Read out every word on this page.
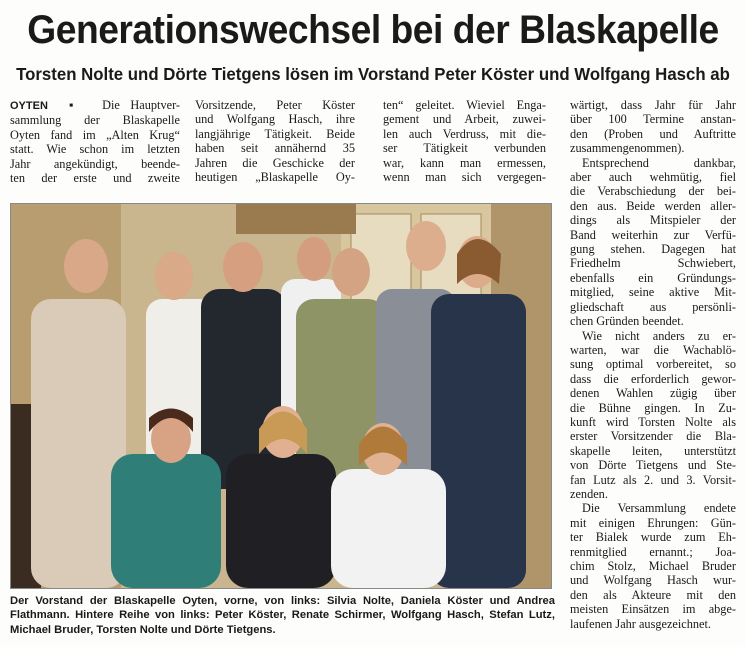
Generationswechsel bei der Blaskapelle
Torsten Nolte und Dörte Tietgens lösen im Vorstand Peter Köster und Wolfgang Hasch ab
OYTEN ▪ Die Hauptver-
sammlung der Blaskapelle
Oyten fand im „Alten Krug“
statt. Wie schon im letzten
Jahr angekündigt, beende-
ten der erste und zweite
Vorsitzende, Peter Köster
und Wolfgang Hasch, ihre
langjährige Tätigkeit. Beide
haben seit annähernd 35
Jahren die Geschicke der
heutigen „Blaskapelle Oy-
ten“ geleitet. Wieviel Enga-
gement und Arbeit, zuwei-
len auch Verdruss, mit die-
ser Tätigkeit verbunden
war, kann man ermessen,
wenn man sich vergegen-
wärtigt, dass Jahr für Jahr
über 100 Termine anstan-
den (Proben und Auftritte
zusammengenommen).
Entsprechend dankbar,
aber auch wehmütig, fiel
die Verabschiedung der bei-
den aus. Beide werden aller-
dings als Mitspieler der
Band weiterhin zur Verfü-
gung stehen. Dagegen hat
Friedhelm Schwiebert,
ebenfalls ein Gründungs-
mitglied, seine aktive Mit-
gliedschaft aus persönli-
chen Gründen beendet.
Wie nicht anders zu er-
warten, war die Wachablö-
sung optimal vorbereitet, so
dass die erforderlich gewor-
denen Wahlen zügig über
die Bühne gingen. In Zu-
kunft wird Torsten Nolte als
erster Vorsitzender die Bla-
skapelle leiten, unterstützt
von Dörte Tietgens und Ste-
fan Lutz als 2. und 3. Vorsit-
zenden.
Die Versammlung endete
mit einigen Ehrungen: Gün-
ter Bialek wurde zum Eh-
renmitglied ernannt.; Joa-
chim Stolz, Michael Bruder
und Wolfgang Hasch wur-
den als Akteure mit den
meisten Einsätzen im abge-
laufenen Jahr ausgezeichnet.
Der Vorstand der Blaskapelle Oyten, vorne, von links: Silvia Nolte, Daniela Köster und Andrea
Flathmann. Hintere Reihe von links: Peter Köster, Renate Schirmer, Wolfgang Hasch, Stefan Lutz,
Michael Bruder, Torsten Nolte und Dörte Tietgens.
